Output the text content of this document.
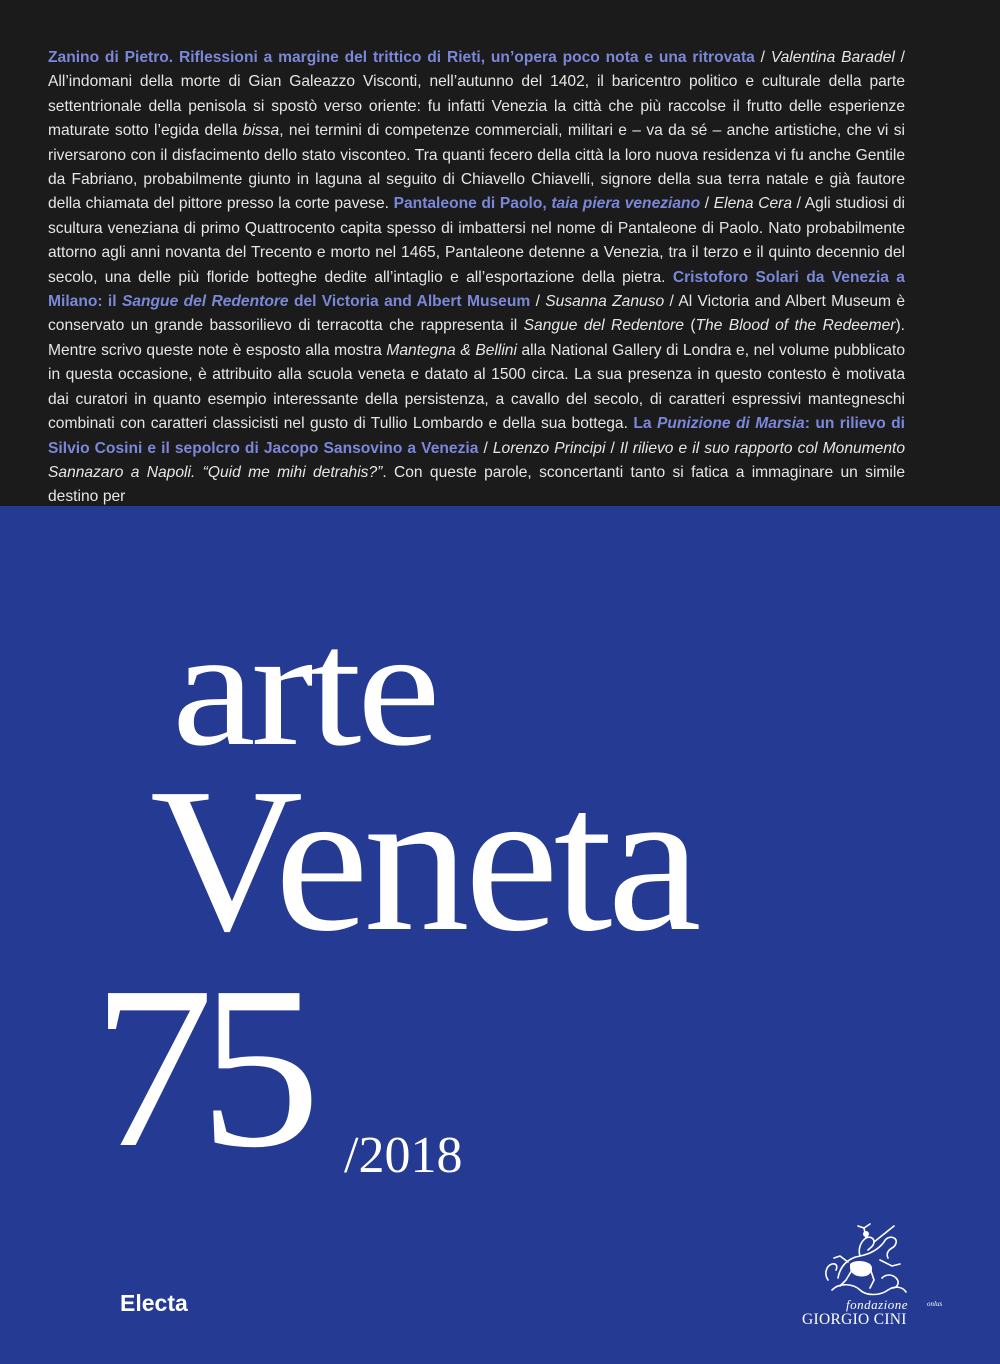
Zanino di Pietro. Riflessioni a margine del trittico di Rieti, un’opera poco nota e una ritrovata / Valentina Baradel / All’indomani della morte di Gian Galeazzo Visconti, nell’autunno del 1402, il baricentro politico e culturale della parte settentrionale della penisola si spostò verso oriente: fu infatti Venezia la città che più raccolse il frutto delle esperienze maturate sotto l’egida della bissa, nei termini di competenze commerciali, militari e – va da sé – anche artistiche, che vi si riversarono con il disfacimento dello stato visconteo. Tra quanti fecero della città la loro nuova residenza vi fu anche Gentile da Fabriano, probabilmente giunto in laguna al seguito di Chiavello Chiavelli, signore della sua terra natale e già fautore della chiamata del pittore presso la corte pavese. Pantaleone di Paolo, taia piera veneziano / Elena Cera / Agli studiosi di scultura veneziana di primo Quattrocento capita spesso di imbattersi nel nome di Pantaleone di Paolo. Nato probabilmente attorno agli anni novanta del Trecento e morto nel 1465, Pantaleone detenne a Venezia, tra il terzo e il quinto decennio del secolo, una delle più floride botteghe dedite all’intaglio e all’esportazione della pietra. Cristoforo Solari da Venezia a Milano: il Sangue del Redentore del Victoria and Albert Museum / Susanna Zanuso / Al Victoria and Albert Museum è conservato un grande bassorilievo di terracotta che rappresenta il Sangue del Redentore (The Blood of the Redeemer). Mentre scrivo queste note è esposto alla mostra Mantegna & Bellini alla National Gallery di Londra e, nel volume pubblicato in questa occasione, è attribuito alla scuola veneta e datato al 1500 circa. La sua presenza in questo contesto è motivata dai curatori in quanto esempio interessante della persistenza, a cavallo del secolo, di caratteri espressivi mantegneschi combinati con caratteri classicisti nel gusto di Tullio Lombardo e della sua bottega. La Punizione di Marsia: un rilievo di Silvio Cosini e il sepolcro di Jacopo Sansovino a Venezia / Lorenzo Principi / Il rilievo e il suo rapporto col Monumento Sannazaro a Napoli. “Quid me mihi detrahis?”. Con queste parole, sconcertanti tanto si fatica a immaginare un simile destino per

arte
Veneta
75 /2018
Electa	fondazione	onlus
GIORGIO CINI
